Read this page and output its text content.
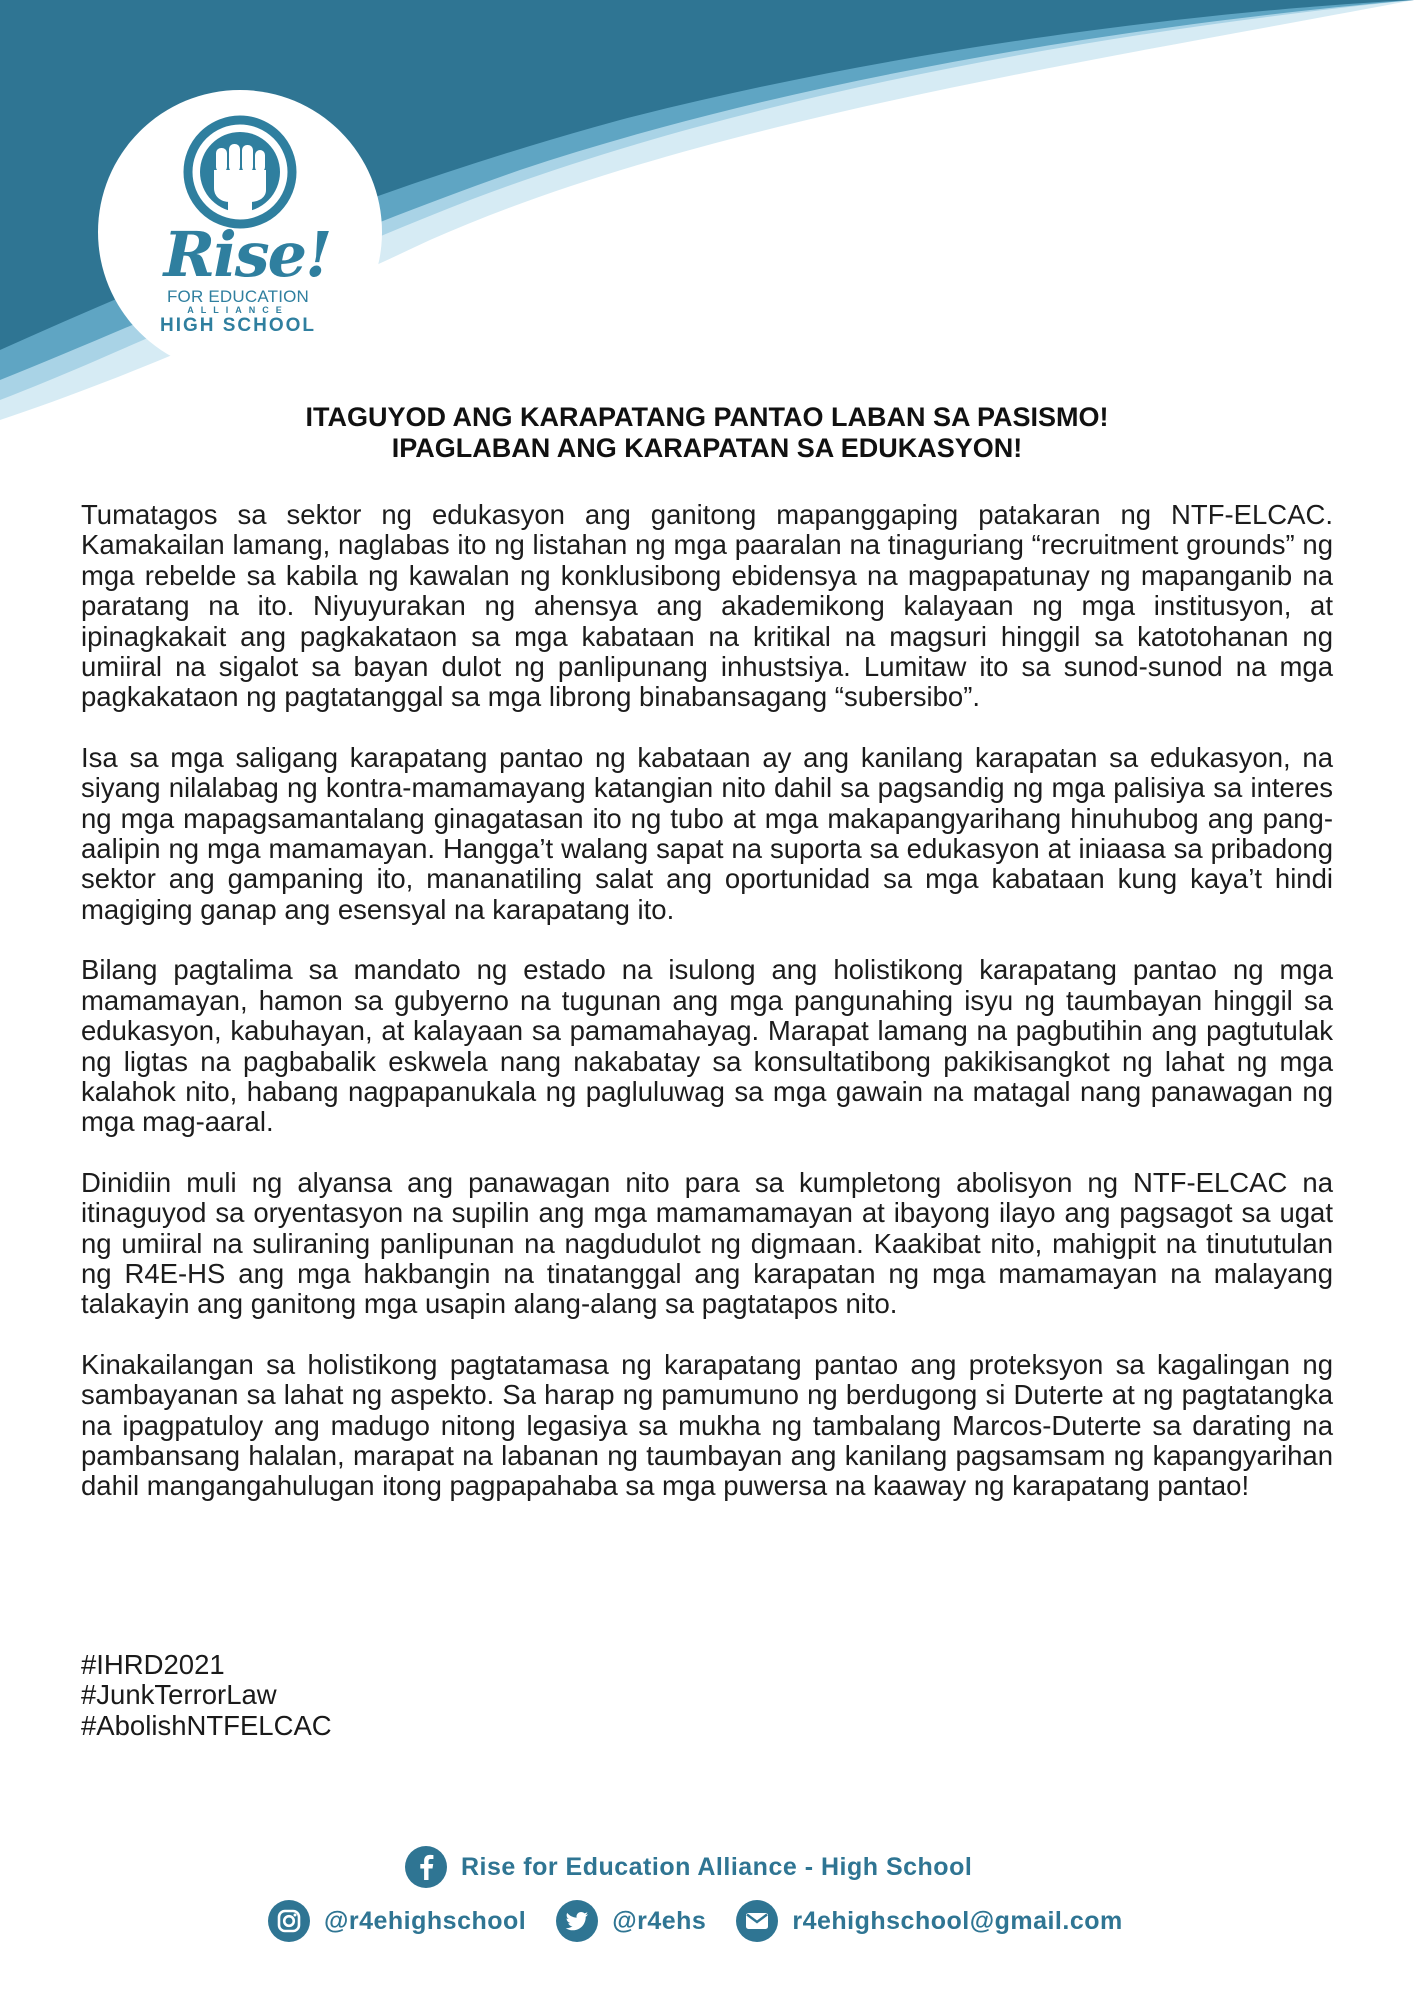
Rise!
FOR EDUCATION
ALLIANCE
HIGH SCHOOL
ITAGUYOD ANG KARAPATANG PANTAO LABAN SA PASISMO!
IPAGLABAN ANG KARAPATAN SA EDUKASYON!

Tumatagos sa sektor ng edukasyon ang ganitong mapanggaping patakaran ng NTF-ELCAC. Kamakailan lamang, naglabas ito ng listahan ng mga paaralan na tinaguriang “recruitment grounds” ng mga rebelde sa kabila ng kawalan ng konklusibong ebidensya na magpapatunay ng mapanganib na paratang na ito. Niyuyurakan ng ahensya ang akademikong kalayaan ng mga institusyon, at ipinagkakait ang pagkakataon sa mga kabataan na kritikal na magsuri hinggil sa katotohanan ng umiiral na sigalot sa bayan dulot ng panlipunang inhustsiya. Lumitaw ito sa sunod-sunod na mga pagkakataon ng pagtatanggal sa mga librong binabansagang “subersibo”.

Isa sa mga saligang karapatang pantao ng kabataan ay ang kanilang karapatan sa edukasyon, na siyang nilalabag ng kontra-mamamayang katangian nito dahil sa pagsandig ng mga palisiya sa interes ng mga mapagsamantalang ginagatasan ito ng tubo at mga makapangyarihang hinuhubog ang pang-aalipin ng mga mamamayan. Hangga’t walang sapat na suporta sa edukasyon at iniaasa sa pribadong sektor ang gampaning ito, mananatiling salat ang oportunidad sa mga kabataan kung kaya’t hindi magiging ganap ang esensyal na karapatang ito.

Bilang pagtalima sa mandato ng estado na isulong ang holistikong karapatang pantao ng mga mamamayan, hamon sa gubyerno na tugunan ang mga pangunahing isyu ng taumbayan hinggil sa edukasyon, kabuhayan, at kalayaan sa pamamahayag. Marapat lamang na pagbutihin ang pagtutulak ng ligtas na pagbabalik eskwela nang nakabatay sa konsultatibong pakikisangkot ng lahat ng mga kalahok nito, habang nagpapanukala ng pagluluwag sa mga gawain na matagal nang panawagan ng mga mag-aaral.

Dinidiin muli ng alyansa ang panawagan nito para sa kumpletong abolisyon ng NTF-ELCAC na itinaguyod sa oryentasyon na supilin ang mga mamamamayan at ibayong ilayo ang pagsagot sa ugat ng umiiral na suliraning panlipunan na nagdudulot ng digmaan. Kaakibat nito, mahigpit na tinututulan ng R4E-HS ang mga hakbangin na tinatanggal ang karapatan ng mga mamamayan na malayang talakayin ang ganitong mga usapin alang-alang sa pagtatapos nito.

Kinakailangan sa holistikong pagtatamasa ng karapatang pantao ang proteksyon sa kagalingan ng sambayanan sa lahat ng aspekto. Sa harap ng pamumuno ng berdugong si Duterte at ng pagtatangka na ipagpatuloy ang madugo nitong legasiya sa mukha ng tambalang Marcos-Duterte sa darating na pambansang halalan, marapat na labanan ng taumbayan ang kanilang pagsamsam ng kapangyarihan dahil mangangahulugan itong pagpapahaba sa mga puwersa na kaaway ng karapatang pantao!

#IHRD2021
#JunkTerrorLaw
#AbolishNTFELCAC
Rise for Education Alliance - High School
@r4ehighschool	@r4ehs	r4ehighschool@gmail.com
